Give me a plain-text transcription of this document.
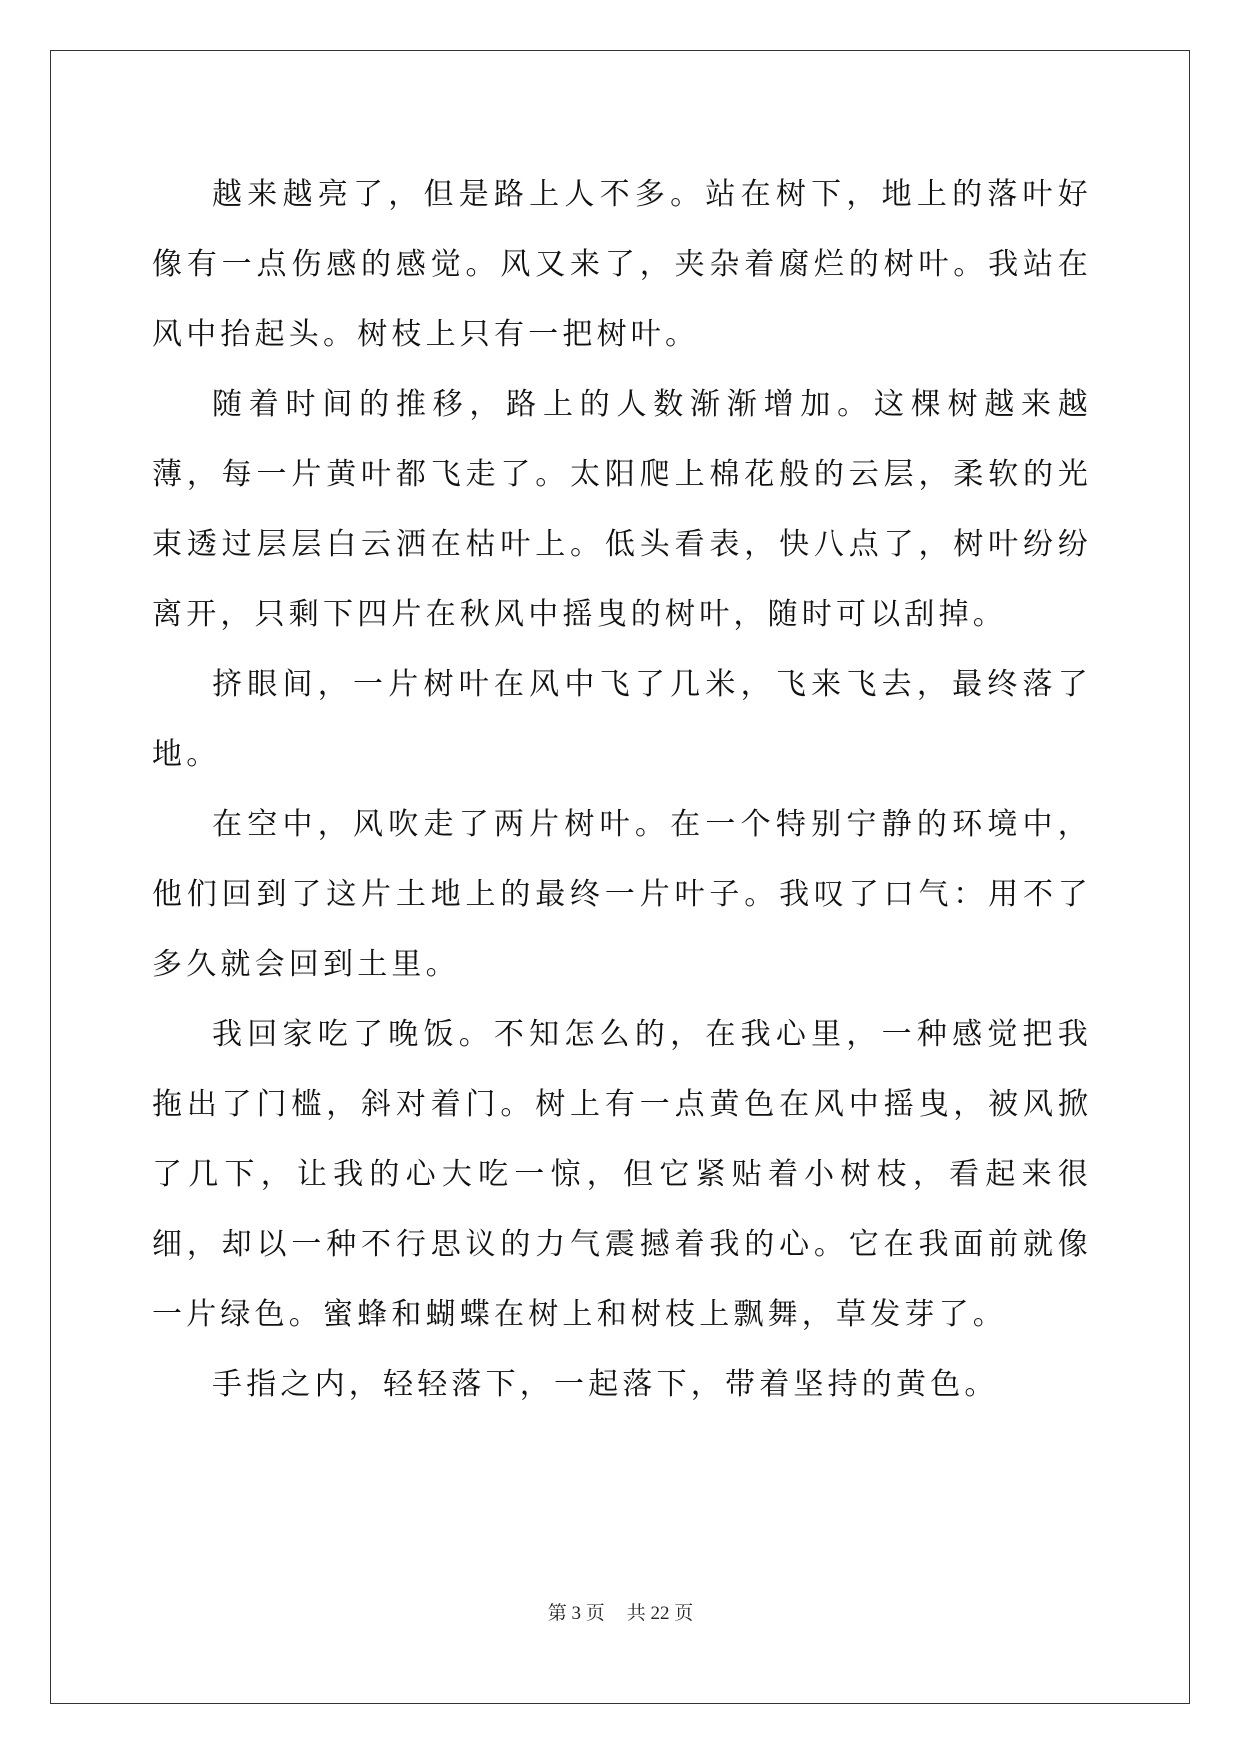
越来越亮了，但是路上人不多。站在树下，地上的落叶好像有一点伤感的感觉。风又来了，夹杂着腐烂的树叶。我站在风中抬起头。树枝上只有一把树叶。

随着时间的推移，路上的人数渐渐增加。这棵树越来越薄，每一片黄叶都飞走了。太阳爬上棉花般的云层，柔软的光束透过层层白云洒在枯叶上。低头看表，快八点了，树叶纷纷离开，只剩下四片在秋风中摇曳的树叶，随时可以刮掉。

挤眼间，一片树叶在风中飞了几米，飞来飞去，最终落了地。

在空中，风吹走了两片树叶。在一个特别宁静的环境中，他们回到了这片土地上的最终一片叶子。我叹了口气：用不了多久就会回到土里。

我回家吃了晚饭。不知怎么的，在我心里，一种感觉把我拖出了门槛，斜对着门。树上有一点黄色在风中摇曳，被风掀了几下，让我的心大吃一惊，但它紧贴着小树枝，看起来很细，却以一种不行思议的力气震撼着我的心。它在我面前就像一片绿色。蜜蜂和蝴蝶在树上和树枝上飘舞，草发芽了。

手指之内，轻轻落下，一起落下，带着坚持的黄色。

第 3 页 共 22 页
